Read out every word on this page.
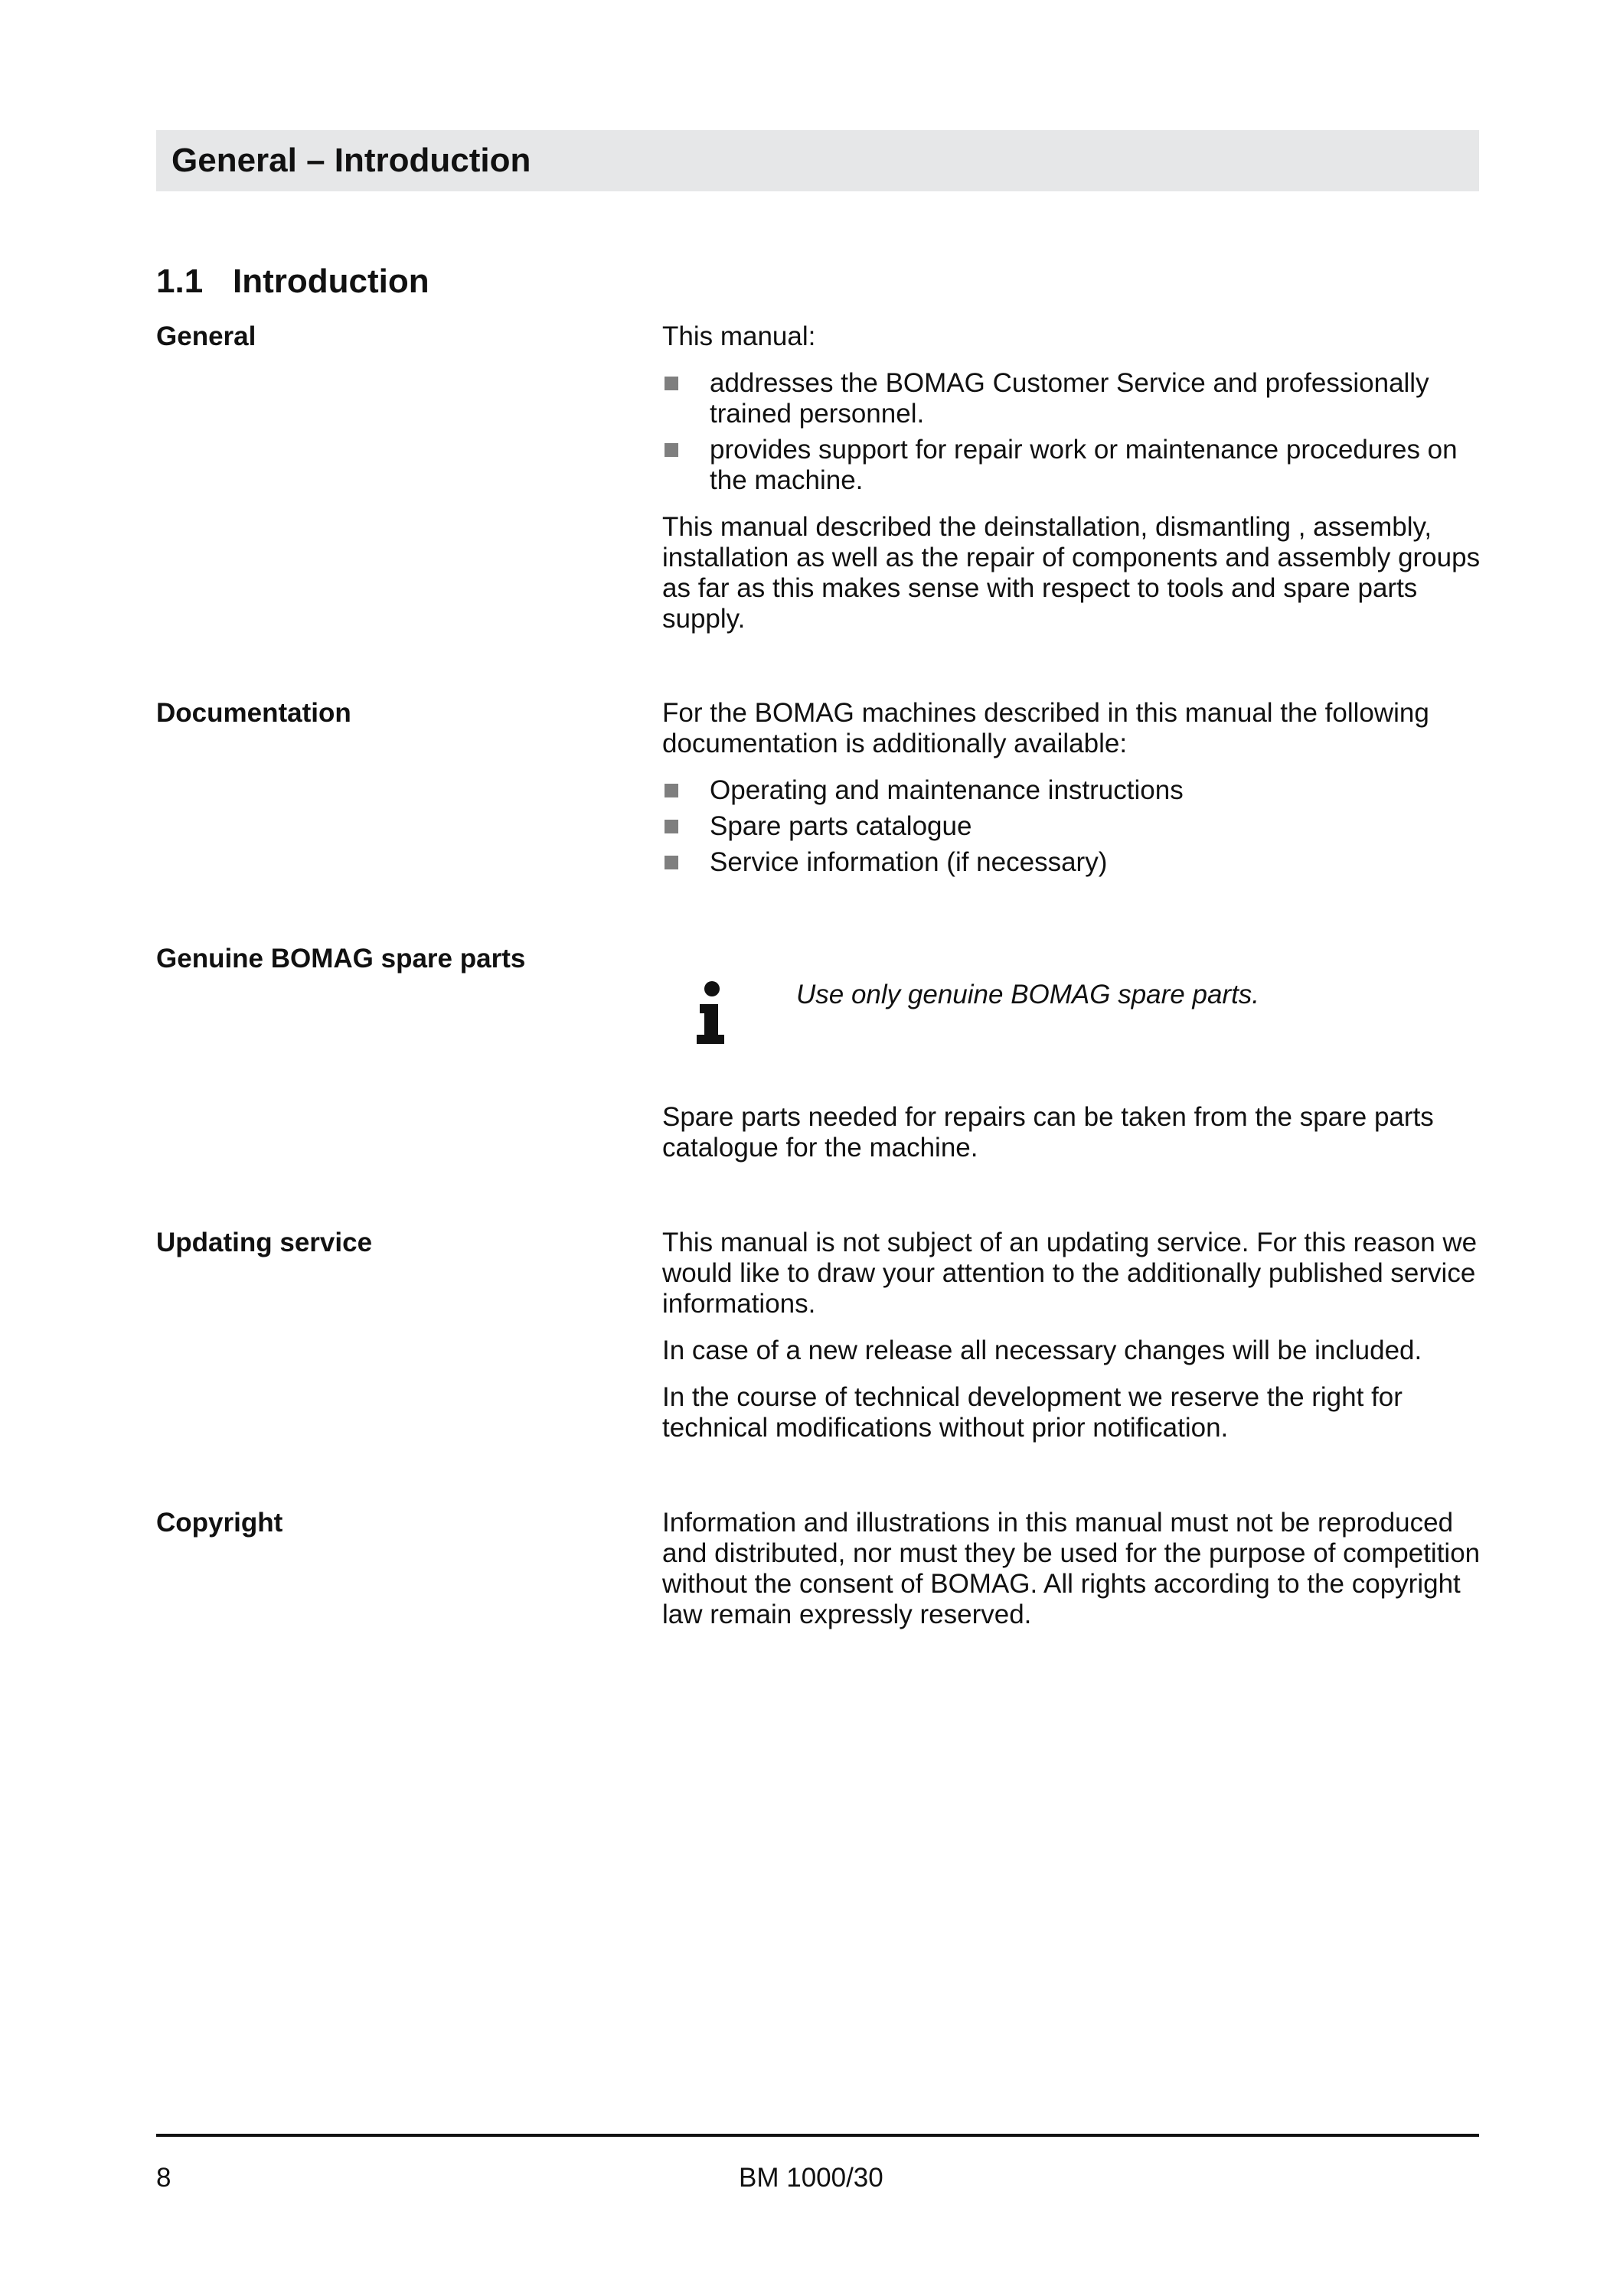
General – Introduction
1.1 Introduction
General	This manual:

addresses the BOMAG Customer Service and professionally trained personnel.
provides support for repair work or maintenance procedures on the machine.

This manual described the deinstallation, dismantling , assembly, installation as well as the repair of components and assembly groups as far as this makes sense with respect to tools and spare parts supply.

Documentation	For the BOMAG machines described in this manual the following documentation is additionally available:

Operating and maintenance instructions
Spare parts catalogue
Service information (if necessary)
Genuine BOMAG spare parts
Use only genuine BOMAG spare parts.

Spare parts needed for repairs can be taken from the spare parts catalogue for the machine.

Updating service	This manual is not subject of an updating service. For this reason we would like to draw your attention to the additionally published service informations.

In case of a new release all necessary changes will be included.

In the course of technical development we reserve the right for technical modifications without prior notification.

Copyright	Information and illustrations in this manual must not be reproduced and distributed, nor must they be used for the purpose of competition without the consent of BOMAG. All rights according to the copyright law remain expressly reserved.

8	BM 1000/30
